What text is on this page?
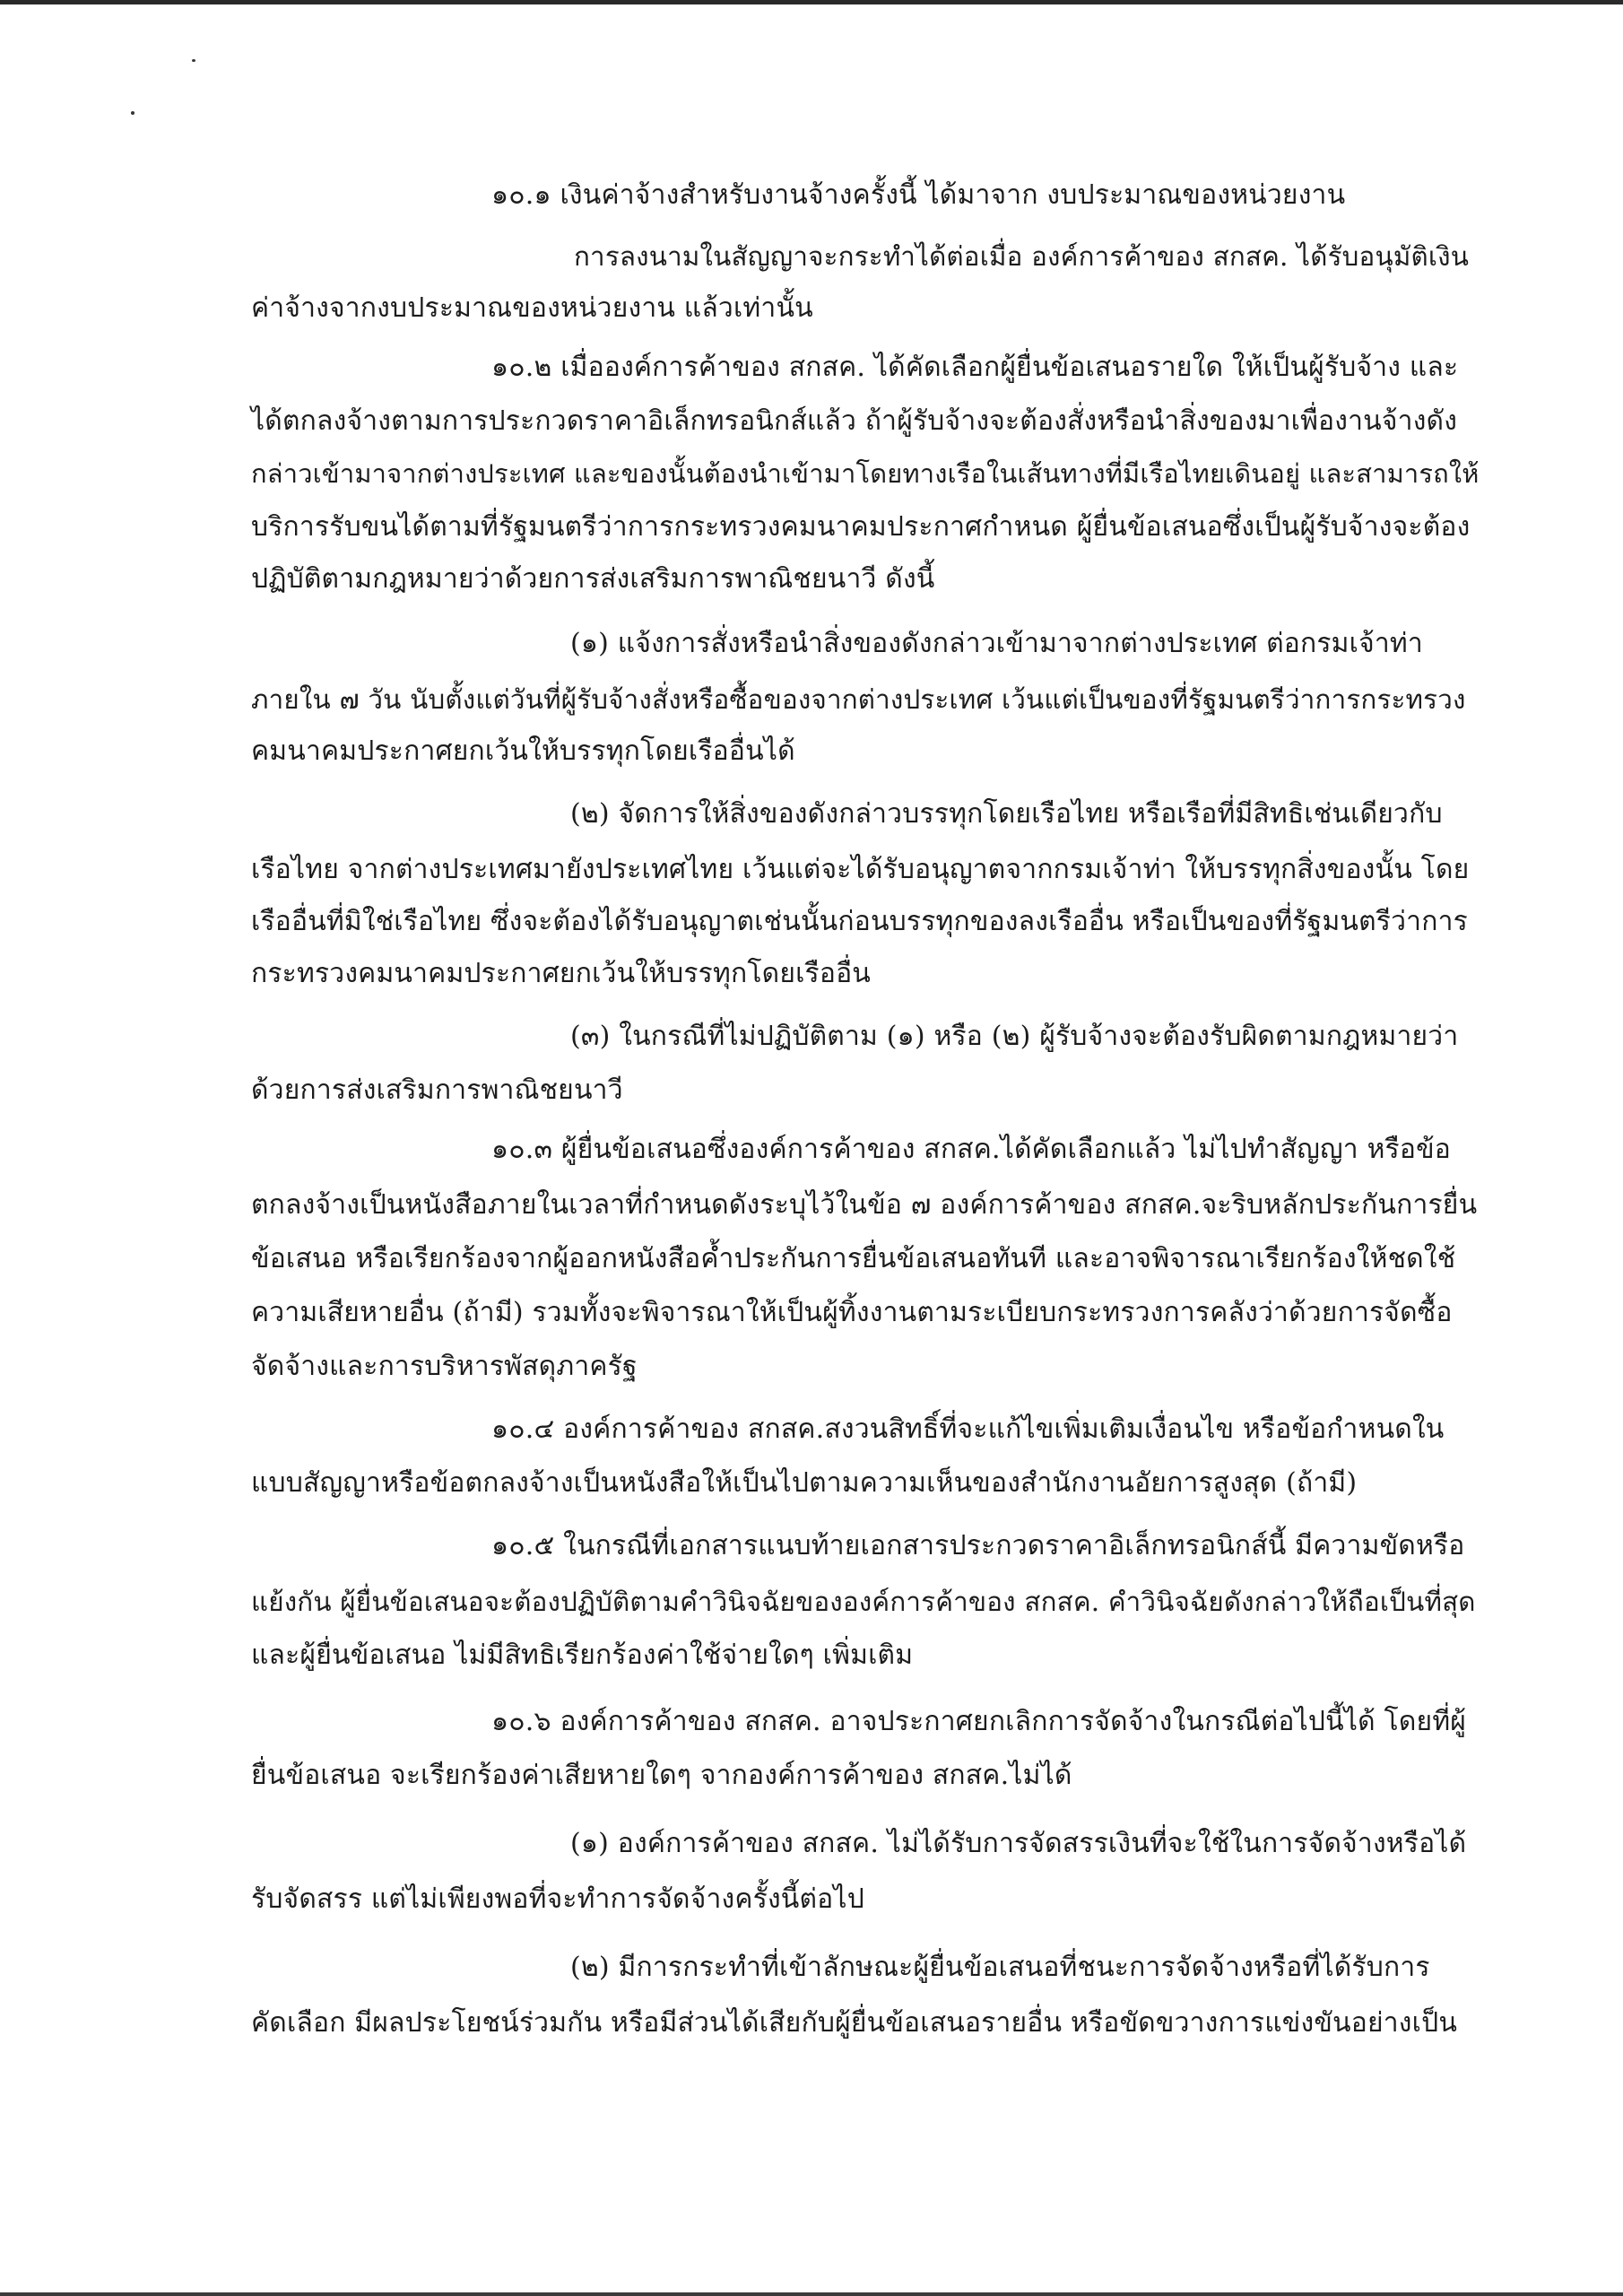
๑๐.๑ เงินค่าจ้างสำหรับงานจ้างครั้งนี้ ได้มาจาก งบประมาณของหน่วยงาน
การลงนามในสัญญาจะกระทำได้ต่อเมื่อ องค์การค้าของ สกสค. ได้รับอนุมัติเงิน
ค่าจ้างจากงบประมาณของหน่วยงาน แล้วเท่านั้น
๑๐.๒ เมื่อองค์การค้าของ สกสค. ได้คัดเลือกผู้ยื่นข้อเสนอรายใด ให้เป็นผู้รับจ้าง และ
ได้ตกลงจ้างตามการประกวดราคาอิเล็กทรอนิกส์แล้ว ถ้าผู้รับจ้างจะต้องสั่งหรือนำสิ่งของมาเพื่องานจ้างดัง
กล่าวเข้ามาจากต่างประเทศ และของนั้นต้องนำเข้ามาโดยทางเรือในเส้นทางที่มีเรือไทยเดินอยู่ และสามารถให้
บริการรับขนได้ตามที่รัฐมนตรีว่าการกระทรวงคมนาคมประกาศกำหนด ผู้ยื่นข้อเสนอซึ่งเป็นผู้รับจ้างจะต้อง
ปฏิบัติตามกฎหมายว่าด้วยการส่งเสริมการพาณิชยนาวี ดังนี้
(๑) แจ้งการสั่งหรือนำสิ่งของดังกล่าวเข้ามาจากต่างประเทศ ต่อกรมเจ้าท่า
ภายใน ๗ วัน นับตั้งแต่วันที่ผู้รับจ้างสั่งหรือซื้อของจากต่างประเทศ เว้นแต่เป็นของที่รัฐมนตรีว่าการกระทรวง
คมนาคมประกาศยกเว้นให้บรรทุกโดยเรืออื่นได้
(๒) จัดการให้สิ่งของดังกล่าวบรรทุกโดยเรือไทย หรือเรือที่มีสิทธิเช่นเดียวกับ
เรือไทย จากต่างประเทศมายังประเทศไทย เว้นแต่จะได้รับอนุญาตจากกรมเจ้าท่า ให้บรรทุกสิ่งของนั้น โดย
เรืออื่นที่มิใช่เรือไทย ซึ่งจะต้องได้รับอนุญาตเช่นนั้นก่อนบรรทุกของลงเรืออื่น หรือเป็นของที่รัฐมนตรีว่าการ
กระทรวงคมนาคมประกาศยกเว้นให้บรรทุกโดยเรืออื่น
(๓) ในกรณีที่ไม่ปฏิบัติตาม (๑) หรือ (๒) ผู้รับจ้างจะต้องรับผิดตามกฎหมายว่า
ด้วยการส่งเสริมการพาณิชยนาวี
๑๐.๓ ผู้ยื่นข้อเสนอซึ่งองค์การค้าของ สกสค.ได้คัดเลือกแล้ว ไม่ไปทำสัญญา หรือข้อ
ตกลงจ้างเป็นหนังสือภายในเวลาที่กำหนดดังระบุไว้ในข้อ ๗ องค์การค้าของ สกสค.จะริบหลักประกันการยื่น
ข้อเสนอ หรือเรียกร้องจากผู้ออกหนังสือค้ำประกันการยื่นข้อเสนอทันที และอาจพิจารณาเรียกร้องให้ชดใช้
ความเสียหายอื่น (ถ้ามี) รวมทั้งจะพิจารณาให้เป็นผู้ทิ้งงานตามระเบียบกระทรวงการคลังว่าด้วยการจัดซื้อ
จัดจ้างและการบริหารพัสดุภาครัฐ
๑๐.๔ องค์การค้าของ สกสค.สงวนสิทธิ์ที่จะแก้ไขเพิ่มเติมเงื่อนไข หรือข้อกำหนดใน
แบบสัญญาหรือข้อตกลงจ้างเป็นหนังสือให้เป็นไปตามความเห็นของสำนักงานอัยการสูงสุด (ถ้ามี)
๑๐.๕ ในกรณีที่เอกสารแนบท้ายเอกสารประกวดราคาอิเล็กทรอนิกส์นี้ มีความขัดหรือ
แย้งกัน ผู้ยื่นข้อเสนอจะต้องปฏิบัติตามคำวินิจฉัยขององค์การค้าของ สกสค. คำวินิจฉัยดังกล่าวให้ถือเป็นที่สุด
และผู้ยื่นข้อเสนอ ไม่มีสิทธิเรียกร้องค่าใช้จ่ายใดๆ เพิ่มเติม
๑๐.๖ องค์การค้าของ สกสค. อาจประกาศยกเลิกการจัดจ้างในกรณีต่อไปนี้ได้ โดยที่ผู้
ยื่นข้อเสนอ จะเรียกร้องค่าเสียหายใดๆ จากองค์การค้าของ สกสค.ไม่ได้
(๑) องค์การค้าของ สกสค. ไม่ได้รับการจัดสรรเงินที่จะใช้ในการจัดจ้างหรือได้
รับจัดสรร แต่ไม่เพียงพอที่จะทำการจัดจ้างครั้งนี้ต่อไป
(๒) มีการกระทำที่เข้าลักษณะผู้ยื่นข้อเสนอที่ชนะการจัดจ้างหรือที่ได้รับการ
คัดเลือก มีผลประโยชน์ร่วมกัน หรือมีส่วนได้เสียกับผู้ยื่นข้อเสนอรายอื่น หรือขัดขวางการแข่งขันอย่างเป็น
